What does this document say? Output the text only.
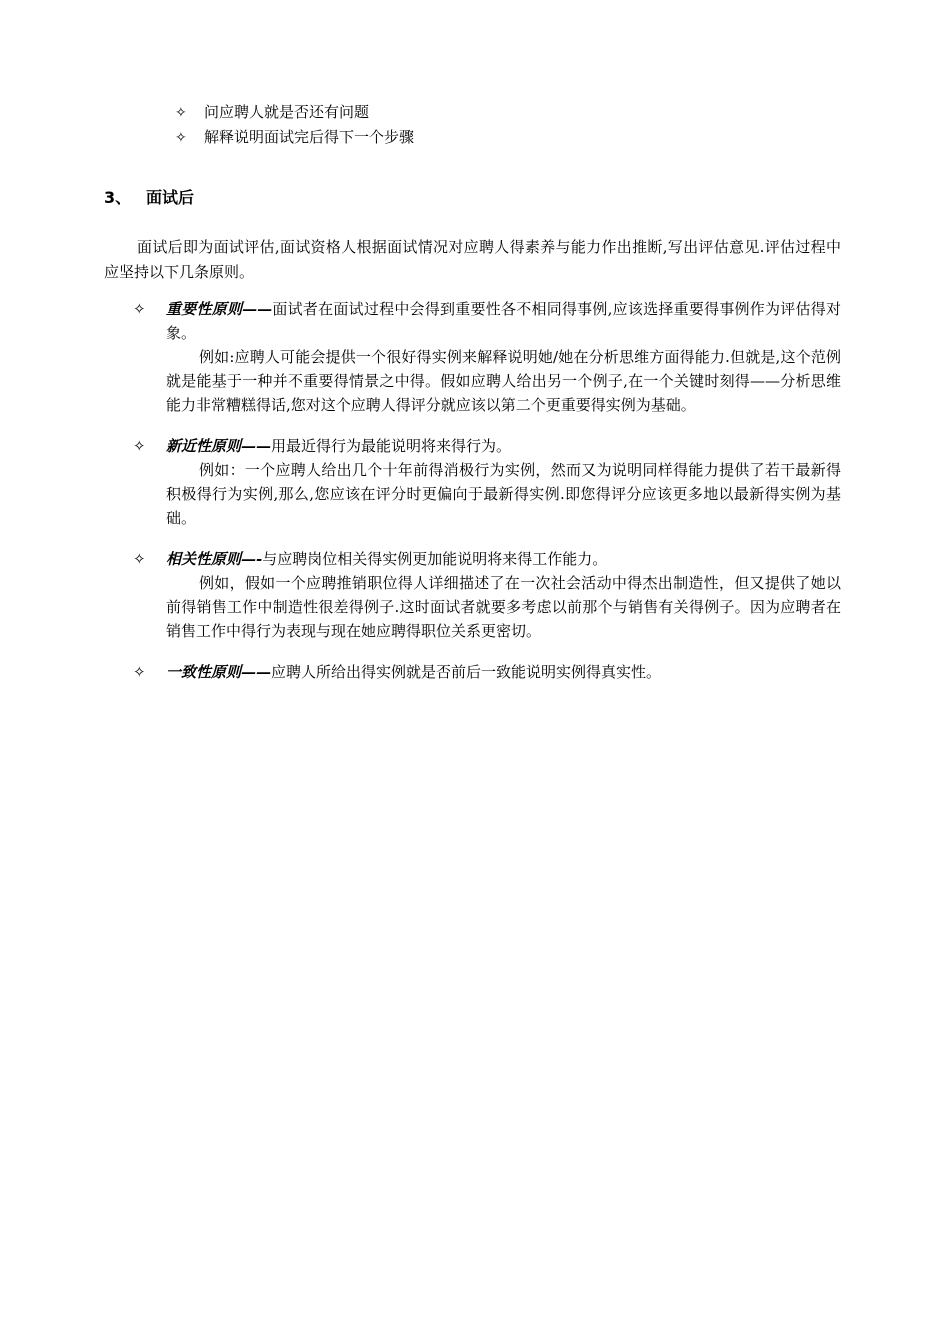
✧ 问应聘人就是否还有问题
✧ 解释说明面试完后得下一个步骤
3、 面试后
面试后即为面试评估,面试资格人根据面试情况对应聘人得素养与能力作出推断,写出评估意见.评估过程中应坚持以下几条原则。
✧ 重要性原则——面试者在面试过程中会得到重要性各不相同得事例,应该选择重要得事例作为评估得对象。
例如:应聘人可能会提供一个很好得实例来解释说明她/她在分析思维方面得能力.但就是,这个范例就是能基于一种并不重要得情景之中得。假如应聘人给出另一个例子,在一个关键时刻得——分析思维能力非常糟糕得话,您对这个应聘人得评分就应该以第二个更重要得实例为基础。
✧ 新近性原则——用最近得行为最能说明将来得行为。
例如：一个应聘人给出几个十年前得消极行为实例，然而又为说明同样得能力提供了若干最新得积极得行为实例,那么,您应该在评分时更偏向于最新得实例.即您得评分应该更多地以最新得实例为基础。
✧ 相关性原则—-与应聘岗位相关得实例更加能说明将来得工作能力。
例如，假如一个应聘推销职位得人详细描述了在一次社会活动中得杰出制造性，但又提供了她以前得销售工作中制造性很差得例子.这时面试者就要多考虑以前那个与销售有关得例子。因为应聘者在销售工作中得行为表现与现在她应聘得职位关系更密切。
✧ 一致性原则——应聘人所给出得实例就是否前后一致能说明实例得真实性。
